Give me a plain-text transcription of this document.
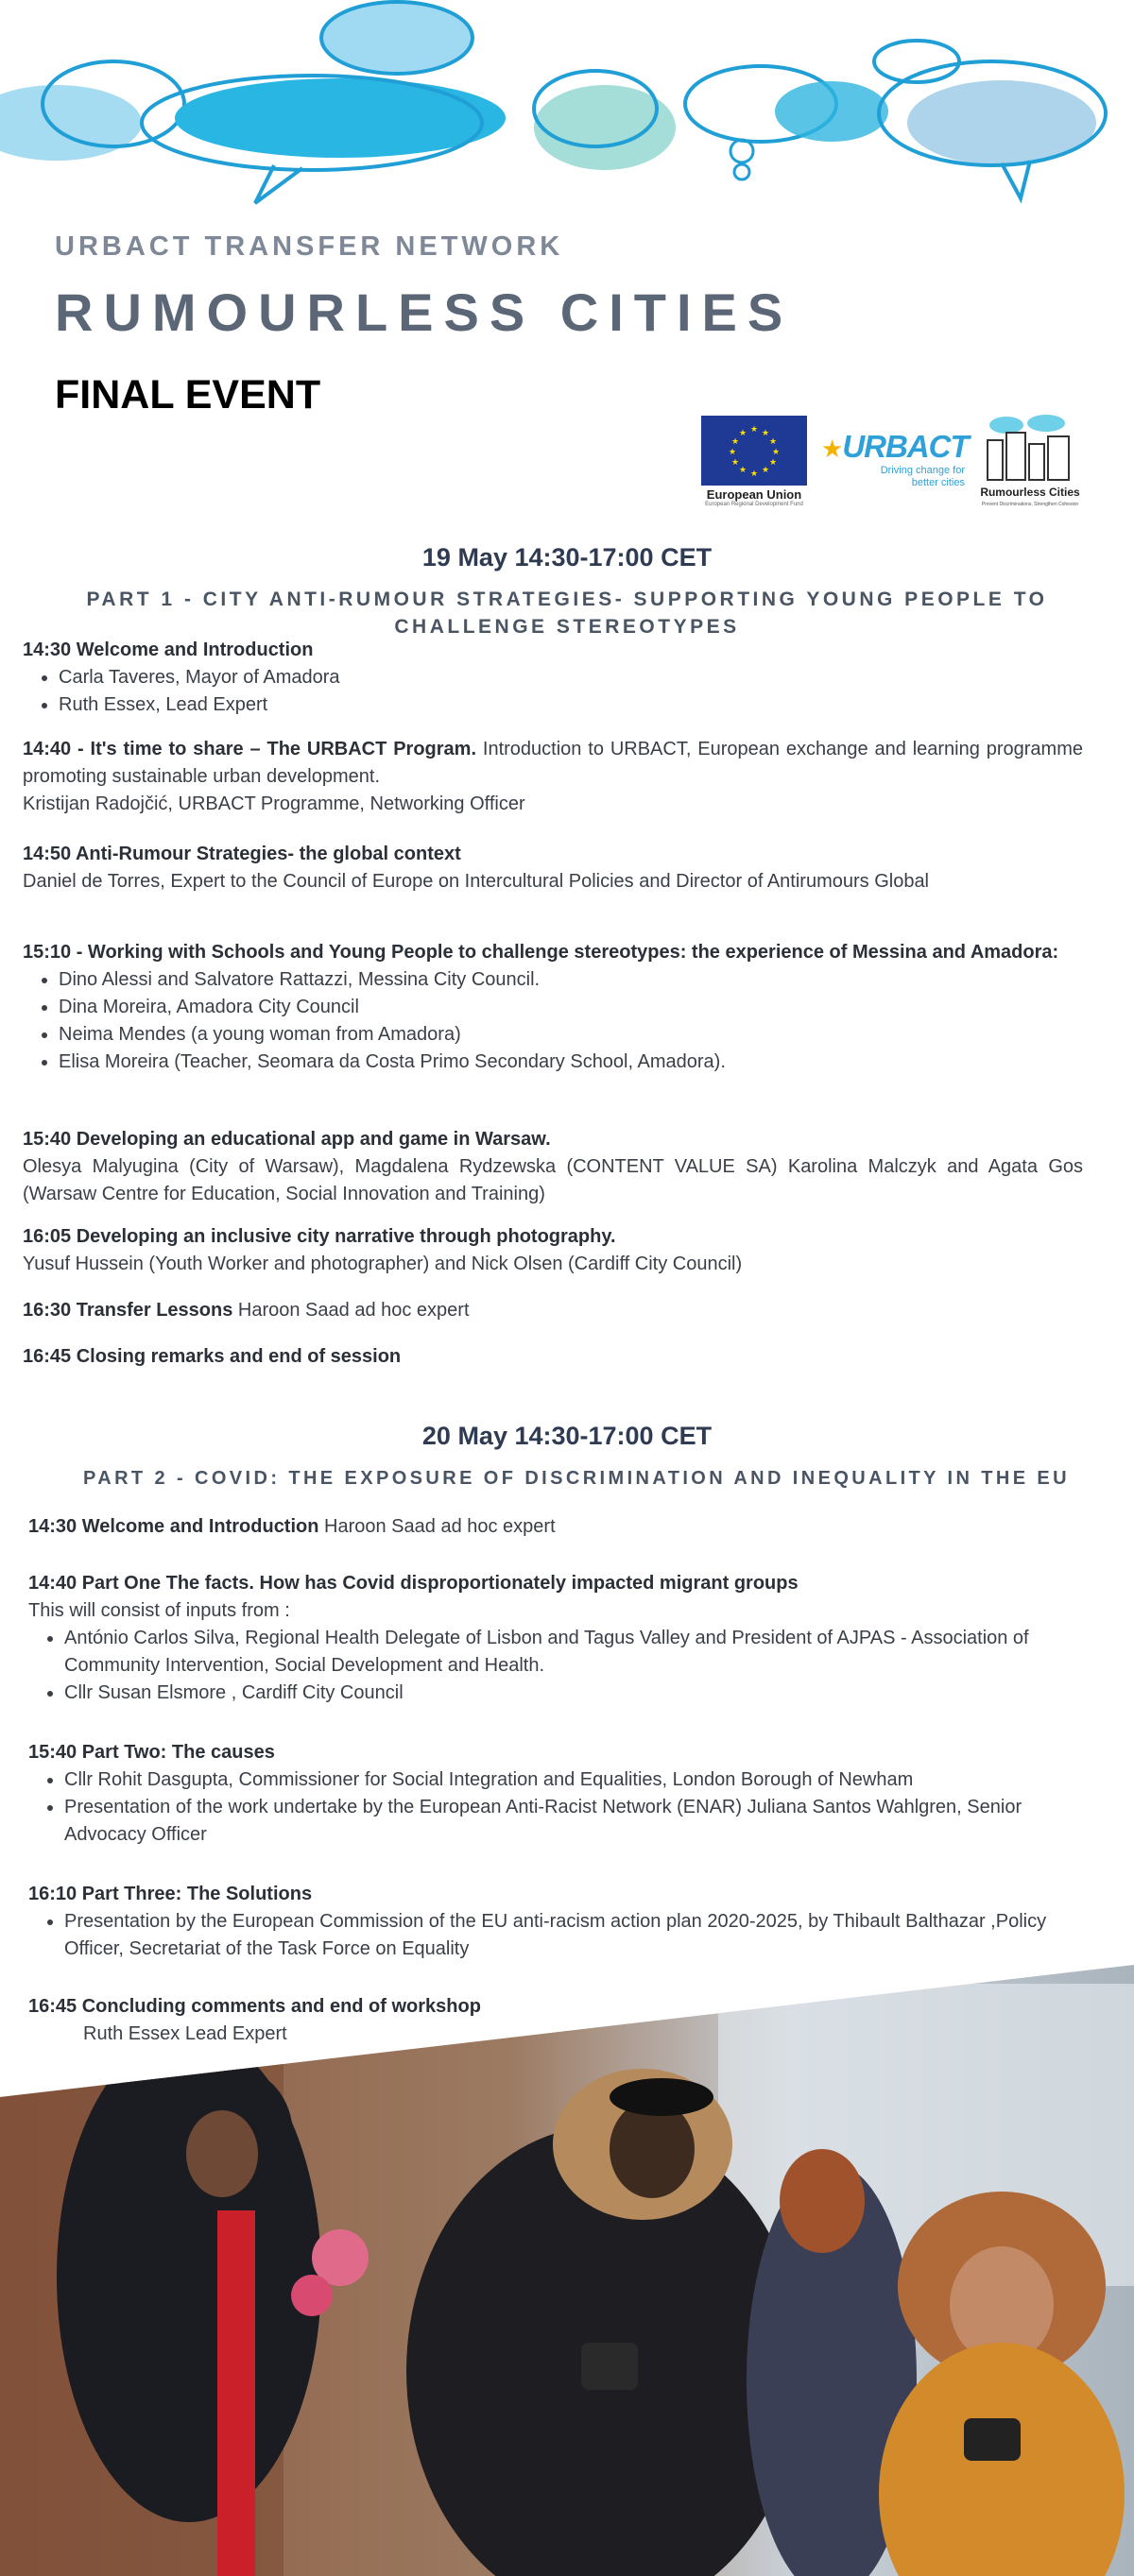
URBACT TRANSFER NETWORK
RUMOURLESS CITIES
FINAL EVENT
★ ★
★
★
★
★
★
★
★
★
★
★
European Union
European Regional Development Fund
★URBACT
Driving change for
better cities
Rumourless Cities
Prevent Discriminations, Strengthen Cohesion
19 May 14:30-17:00 CET
PART 1 - CITY ANTI-RUMOUR STRATEGIES- SUPPORTING YOUNG PEOPLE TO
CHALLENGE STEREOTYPES
14:30 Welcome and Introduction
• Carla Taveres, Mayor of Amadora
• Ruth Essex, Lead Expert
14:40 - It's time to share – The URBACT Program. Introduction to URBACT, European exchange and learning programme promoting sustainable urban development.
Kristijan Radojčić, URBACT Programme, Networking Officer
14:50 Anti-Rumour Strategies- the global context
Daniel de Torres, Expert to the Council of Europe on Intercultural Policies and Director of Antirumours Global
15:10 - Working with Schools and Young People to challenge stereotypes: the experience of Messina and Amadora:
• Dino Alessi and Salvatore Rattazzi, Messina City Council.
• Dina Moreira, Amadora City Council
• Neima Mendes (a young woman from Amadora)
• Elisa Moreira (Teacher, Seomara da Costa Primo Secondary School, Amadora).
15:40 Developing an educational app and game in Warsaw.
Olesya Malyugina (City of Warsaw), Magdalena Rydzewska (CONTENT VALUE SA) Karolina Malczyk and Agata Gos (Warsaw Centre for Education, Social Innovation and Training)
16:05 Developing an inclusive city narrative through photography.
Yusuf Hussein (Youth Worker and photographer) and Nick Olsen (Cardiff City Council)
16:30 Transfer Lessons Haroon Saad ad hoc expert
16:45 Closing remarks and end of session
20 May 14:30-17:00 CET
PART 2 - COVID: THE EXPOSURE OF DISCRIMINATION AND INEQUALITY IN THE EU
14:30 Welcome and Introduction Haroon Saad ad hoc expert
14:40 Part One The facts. How has Covid disproportionately impacted migrant groups
This will consist of inputs from :
• António Carlos Silva, Regional Health Delegate of Lisbon and Tagus Valley and President of AJPAS - Association of Community Intervention, Social Development and Health.
• Cllr Susan Elsmore , Cardiff City Council
15:40 Part Two: The causes
• Cllr Rohit Dasgupta, Commissioner for Social Integration and Equalities, London Borough of Newham
• Presentation of the work undertake by the European Anti-Racist Network (ENAR) Juliana Santos Wahlgren, Senior Advocacy Officer
16:10 Part Three: The Solutions
• Presentation by the European Commission of the EU anti-racism action plan 2020-2025, by Thibault Balthazar ,Policy Officer, Secretariat of the Task Force on Equality
16:45 Concluding comments and end of workshop
Ruth Essex Lead Expert
